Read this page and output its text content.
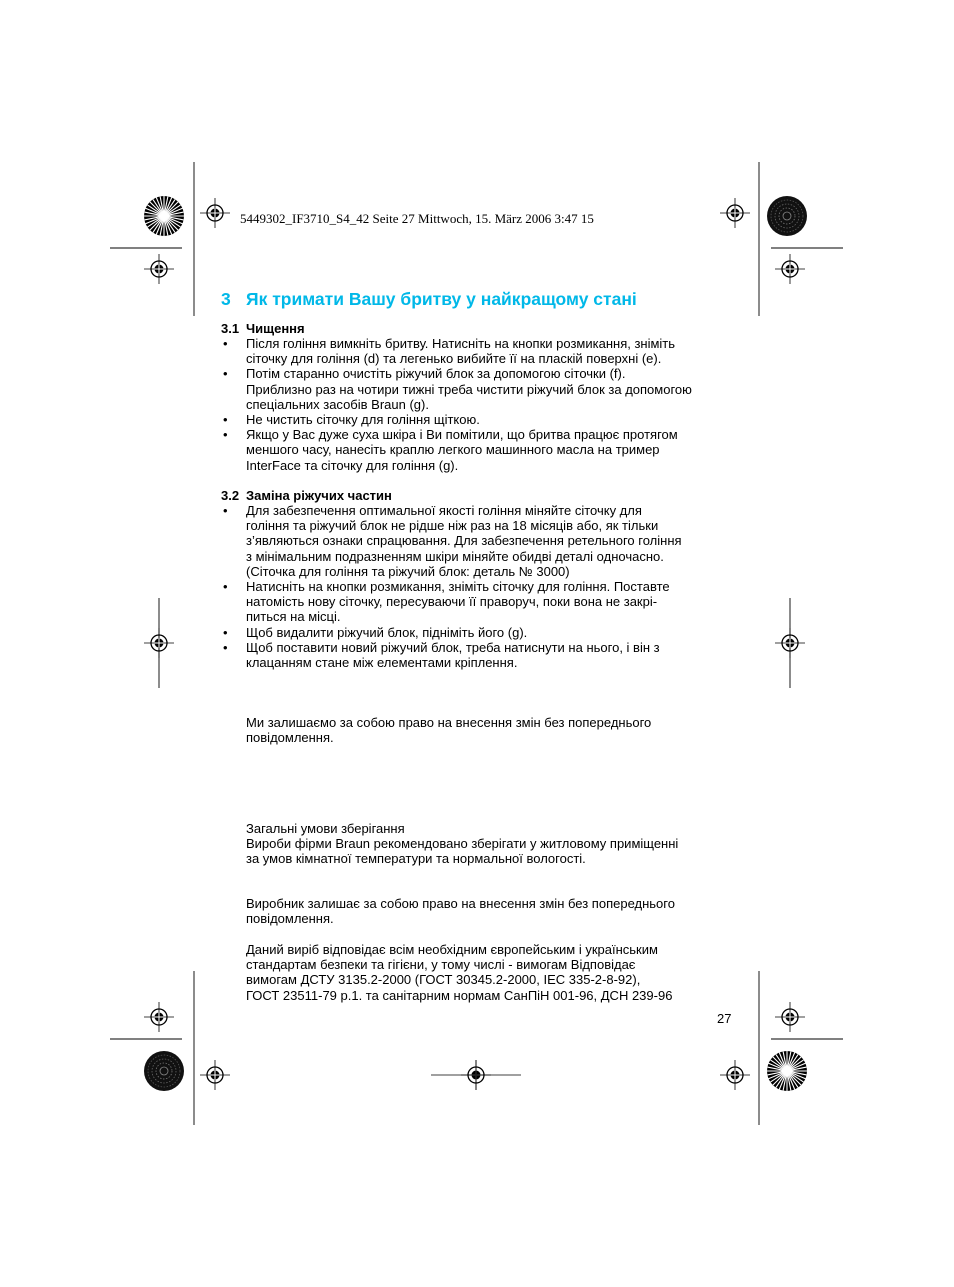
5449302_IF3710_S4_42 Seite 27 Mittwoch, 15. März 2006 3:47 15
3 Як тримати Вашу бритву у найкращому стані
3.1 Чищення
• Після гоління вимкніть бритву. Натисніть на кнопки розмикання, зніміть
сіточку для гоління (d) та легенько вибийте її на пласкій поверхні (e).
• Потім старанно очистіть ріжучий блок за допомогою сіточки (f).
Приблизно раз на чотири тижні треба чистити ріжучий блок за допомогою
спеціальних засобів Braun (g).
• Не чистить сіточку для гоління щіткою.
• Якщо у Вас дуже суха шкіра і Ви помітили, що бритва працює протягом
меншого часу, нанесіть краплю легкого машинного масла на тример
InterFace та сіточку для гоління (g).
3.2 Заміна ріжучих частин
• Для забезпечення оптимальної якості гоління міняйте сіточку для
гоління та ріжучий блок не рідше ніж раз на 18 місяців або, як тільки
з’являються ознаки спрацювання. Для забезпечення ретельного гоління
з мінімальним подразненням шкіри міняйте обидві деталі одночасно.
(Сіточка для гоління та ріжучий блок: деталь № 3000)
• Натисніть на кнопки розмикання, зніміть сіточку для гоління. Поставте
натомість нову сіточку, пересуваючи її праворуч, поки вона не закрі-
питься на місці.
• Щоб видалити ріжучий блок, підніміть його (g).
• Щоб поставити новий ріжучий блок, треба натиснути на нього, і він з
клацанням стане між елементами кріплення.

Ми залишаємо за собою право на внесення змін без попереднього
повідомлення.

Загальні умови зберігання
Вироби фірми Braun рекомендовано зберігати у житловому приміщенні
за умов кімнатної температури та нормальної вологості.

Виробник залишає за собою право на внесення змін без попереднього
повідомлення.

Даний виріб відповідає всім необхідним європейським і українським
стандартам безпеки та гігієни, у тому числі - вимогам Відповідає
вимогам ДСТУ 3135.2-2000 (ГОСТ 30345.2-2000, IEC 335-2-8-92),
ГОСТ 23511-79 р.1. та санітарним нормам СанПіН 001-96, ДСН 239-96

27
